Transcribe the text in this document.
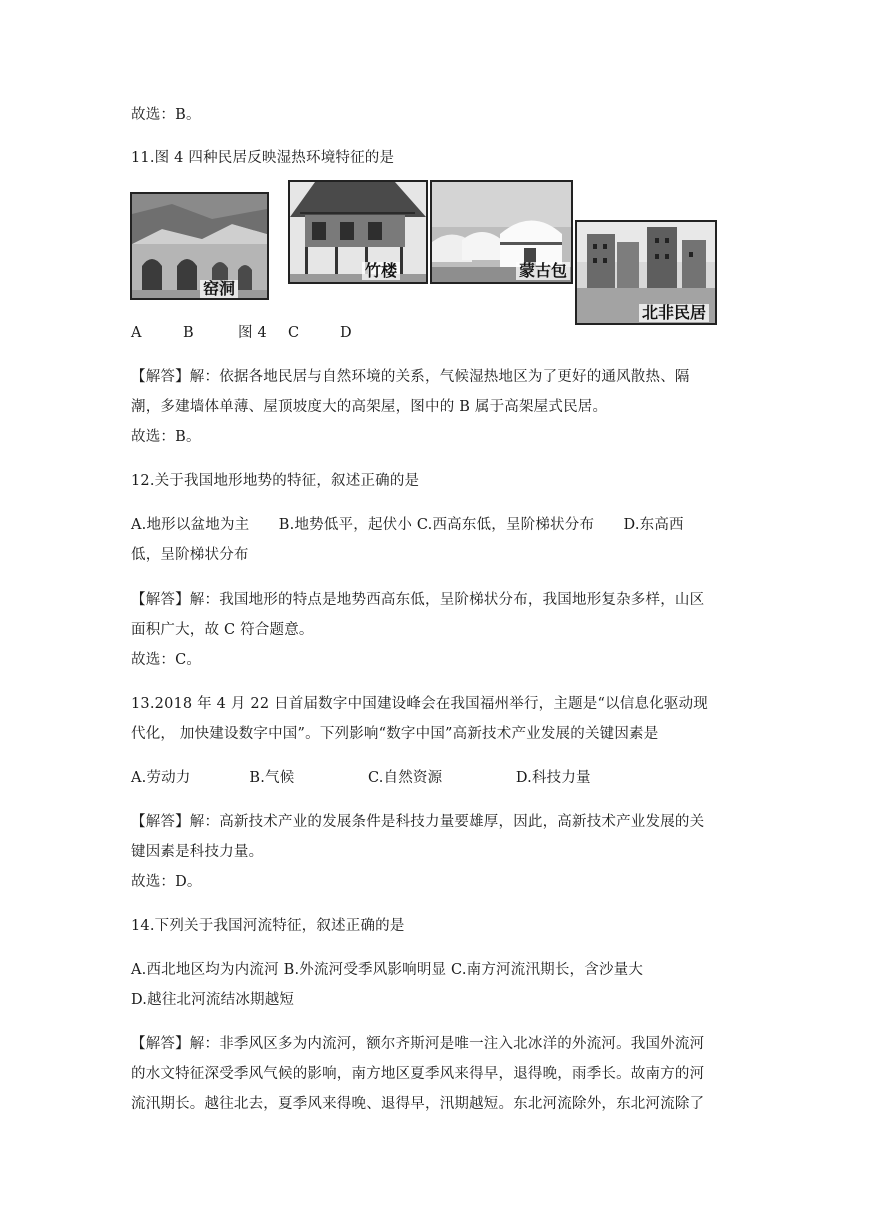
故选：B。
11.图 4 四种民居反映湿热环境特征的是
窑洞
竹楼	蒙古包
北非民居
A	B	图 4 C	D
【解答】解：依据各地民居与自然环境的关系，气候湿热地区为了更好的通风散热、隔
潮，多建墙体单薄、屋顶坡度大的高架屋，图中的 B 属于高架屋式民居。
故选：B。
12.关于我国地形地势的特征，叙述正确的是
A.地形以盆地为主　　B.地势低平，起伏小 C.西高东低，呈阶梯状分布　　D.东高西
低，呈阶梯状分布
【解答】解：我国地形的特点是地势西高东低，呈阶梯状分布，我国地形复杂多样，山区
面积广大，故 C 符合题意。
故选：C。
13.2018 年 4 月 22 日首届数字中国建设峰会在我国福州举行，主题是“以信息化驱动现
代化， 加快建设数字中国”。下列影响“数字中国”高新技术产业发展的关键因素是
A.劳动力　　　　B.气候　　　　　C.自然资源　　　　　D.科技力量
【解答】解：高新技术产业的发展条件是科技力量要雄厚，因此，高新技术产业发展的关
键因素是科技力量。
故选：D。
14.下列关于我国河流特征，叙述正确的是
A.西北地区均为内流河 B.外流河受季风影响明显 C.南方河流汛期长，含沙量大
D.越往北河流结冰期越短
【解答】解：非季风区多为内流河，额尔齐斯河是唯一注入北冰洋的外流河。我国外流河
的水文特征深受季风气候的影响，南方地区夏季风来得早，退得晚，雨季长。故南方的河
流汛期长。越往北去，夏季风来得晚、退得早，汛期越短。东北河流除外，东北河流除了
